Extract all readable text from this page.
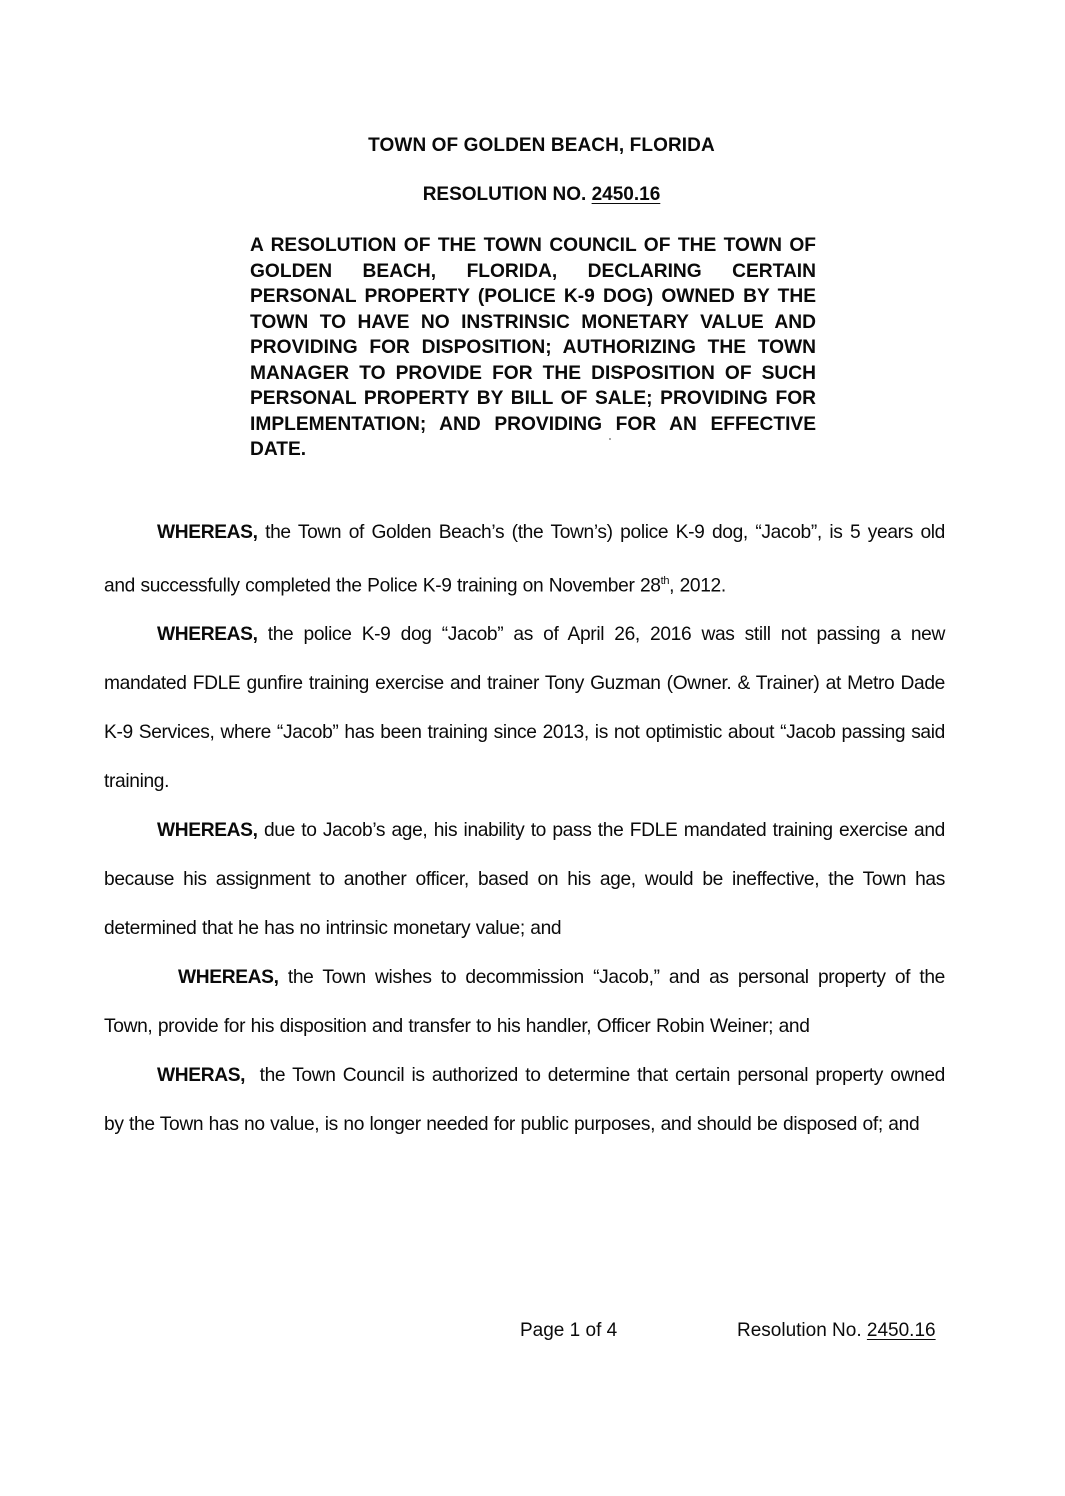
TOWN OF GOLDEN BEACH, FLORIDA
RESOLUTION NO. 2450.16

A RESOLUTION OF THE TOWN COUNCIL OF THE TOWN OF GOLDEN BEACH, FLORIDA, DECLARING CERTAIN PERSONAL PROPERTY (POLICE K-9 DOG) OWNED BY THE TOWN TO HAVE NO INSTRINSIC MONETARY VALUE AND PROVIDING FOR DISPOSITION; AUTHORIZING THE TOWN MANAGER TO PROVIDE FOR THE DISPOSITION OF SUCH PERSONAL PROPERTY BY BILL OF SALE; PROVIDING FOR IMPLEMENTATION; AND PROVIDING FOR AN EFFECTIVE DATE.

WHEREAS, the Town of Golden Beach’s (the Town’s) police K-9 dog, “Jacob”, is 5 years old and successfully completed the Police K-9 training on November 28th, 2012.

WHEREAS, the police K-9 dog “Jacob” as of April 26, 2016 was still not passing a new mandated FDLE gunfire training exercise and trainer Tony Guzman (Owner. & Trainer) at Metro Dade K-9 Services, where “Jacob” has been training since 2013, is not optimistic about “Jacob passing said training.

WHEREAS, due to Jacob’s age, his inability to pass the FDLE mandated training exercise and because his assignment to another officer, based on his age, would be ineffective, the Town has determined that he has no intrinsic monetary value; and

WHEREAS, the Town wishes to decommission “Jacob,” and as personal property of the Town, provide for his disposition and transfer to his handler, Officer Robin Weiner; and

WHERAS,  the Town Council is authorized to determine that certain personal property owned by the Town has no value, is no longer needed for public purposes, and should be disposed of; and

Page 1 of 4	Resolution No. 2450.16
